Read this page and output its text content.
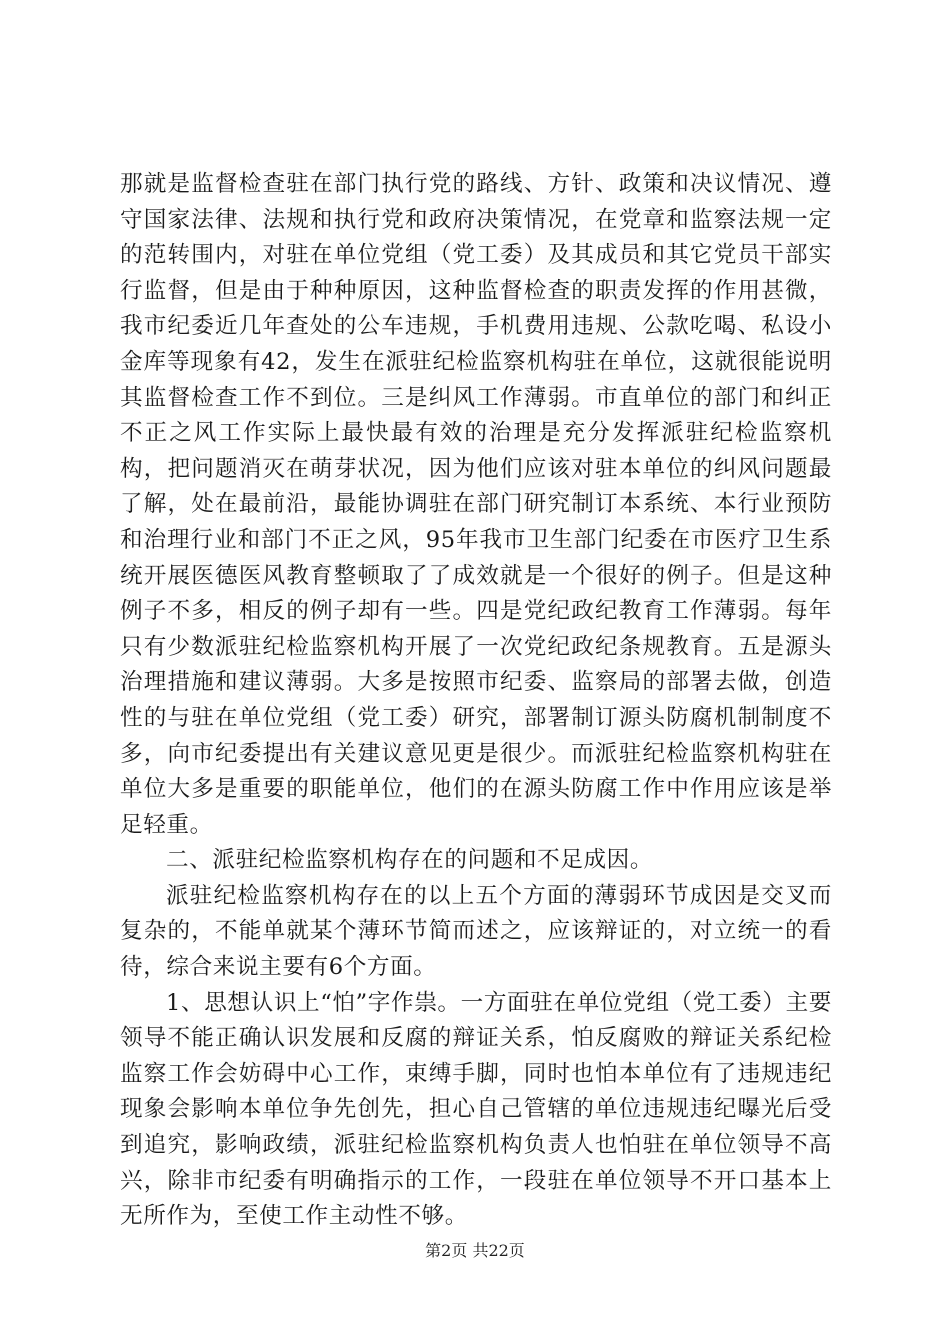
那就是监督检查驻在部门执行党的路线、方针、政策和决议情况、遵守国家法律、法规和执行党和政府决策情况，在党章和监察法规一定的范转围内，对驻在单位党组（党工委）及其成员和其它党员干部实行监督，但是由于种种原因，这种监督检查的职责发挥的作用甚微，我市纪委近几年查处的公车违规，手机费用违规、公款吃喝、私设小金库等现象有42，发生在派驻纪检监察机构驻在单位，这就很能说明其监督检查工作不到位。三是纠风工作薄弱。市直单位的部门和纠正不正之风工作实际上最快最有效的治理是充分发挥派驻纪检监察机构，把问题消灭在萌芽状况，因为他们应该对驻本单位的纠风问题最了解，处在最前沿，最能协调驻在部门研究制订本系统、本行业预防和治理行业和部门不正之风，95年我市卫生部门纪委在市医疗卫生系统开展医德医风教育整顿取了了成效就是一个很好的例子。但是这种例子不多，相反的例子却有一些。四是党纪政纪教育工作薄弱。每年只有少数派驻纪检监察机构开展了一次党纪政纪条规教育。五是源头治理措施和建议薄弱。大多是按照市纪委、监察局的部署去做，创造性的与驻在单位党组（党工委）研究，部署制订源头防腐机制制度不多，向市纪委提出有关建议意见更是很少。而派驻纪检监察机构驻在单位大多是重要的职能单位，他们的在源头防腐工作中作用应该是举足轻重。

二、派驻纪检监察机构存在的问题和不足成因。

派驻纪检监察机构存在的以上五个方面的薄弱环节成因是交叉而复杂的，不能单就某个薄环节简而述之，应该辩证的，对立统一的看待，综合来说主要有6个方面。

1、思想认识上“怕”字作祟。一方面驻在单位党组（党工委）主要领导不能正确认识发展和反腐的辩证关系，怕反腐败的辩证关系纪检监察工作会妨碍中心工作，束缚手脚，同时也怕本单位有了违规违纪现象会影响本单位争先创先，担心自己管辖的单位违规违纪曝光后受到追究，影响政绩，派驻纪检监察机构负责人也怕驻在单位领导不高兴，除非市纪委有明确指示的工作，一段驻在单位领导不开口基本上无所作为，至使工作主动性不够。

第2页 共22页
